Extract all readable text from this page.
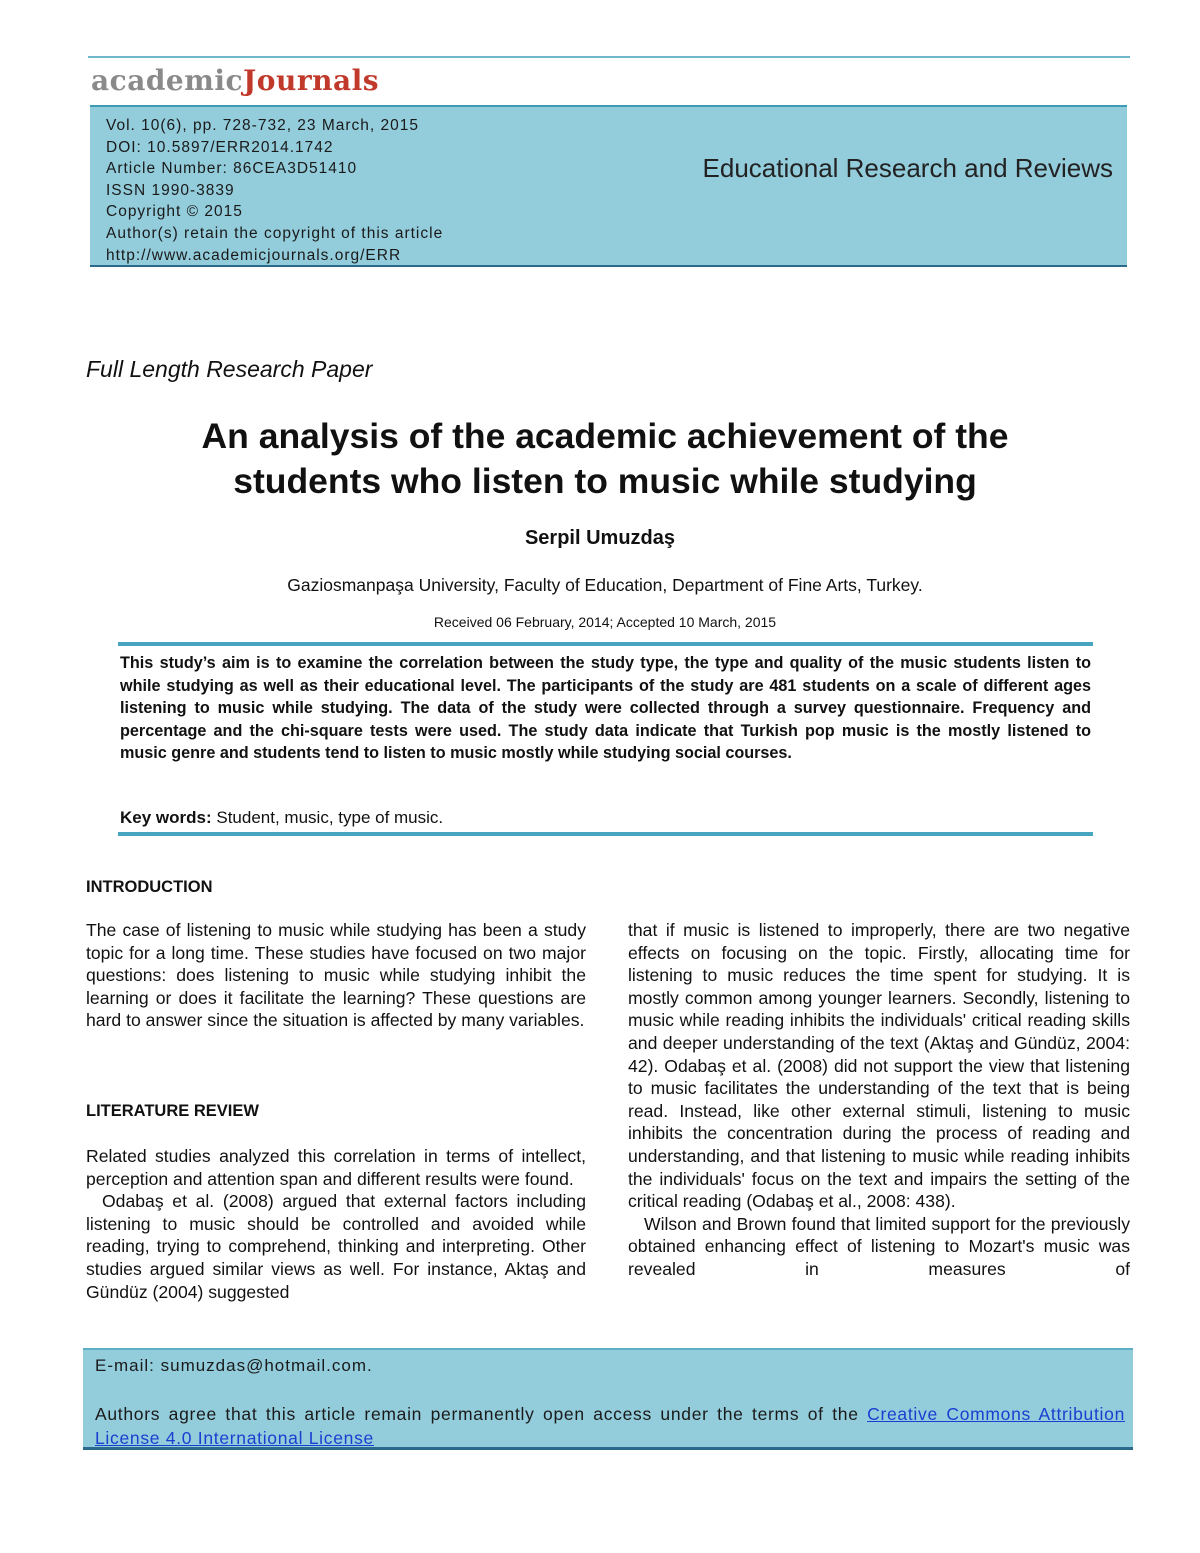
academicJournals
Vol. 10(6), pp. 728-732, 23 March, 2015
DOI: 10.5897/ERR2014.1742
Article Number: 86CEA3D51410
ISSN 1990-3839
Copyright © 2015
Author(s) retain the copyright of this article
http://www.academicjournals.org/ERR
Educational Research and Reviews
Full Length Research Paper
An analysis of the academic achievement of the
students who listen to music while studying
Serpil Umuzdaş
Gaziosmanpaşa University, Faculty of Education, Department of Fine Arts, Turkey.
Received 06 February, 2014; Accepted 10 March, 2015
This study’s aim is to examine the correlation between the study type, the type and quality of the music students listen to while studying as well as their educational level. The participants of the study are 481 students on a scale of different ages listening to music while studying. The data of the study were collected through a survey questionnaire. Frequency and percentage and the chi-square tests were used. The study data indicate that Turkish pop music is the mostly listened to music genre and students tend to listen to music mostly while studying social courses.
Key words: Student, music, type of music.
INTRODUCTION

The case of listening to music while studying has been a study topic for a long time. These studies have focused on two major questions: does listening to music while studying inhibit the learning or does it facilitate the learning? These questions are hard to answer since the situation is affected by many variables.

LITERATURE REVIEW

Related studies analyzed this correlation in terms of intellect, perception and attention span and different results were found.

Odabaş et al. (2008) argued that external factors including listening to music should be controlled and avoided while reading, trying to comprehend, thinking and interpreting. Other studies argued similar views as well. For instance, Aktaş and Gündüz (2004) suggested

that if music is listened to improperly, there are two negative effects on focusing on the topic. Firstly, allocating time for listening to music reduces the time spent for studying. It is mostly common among younger learners. Secondly, listening to music while reading inhibits the individuals' critical reading skills and deeper understanding of the text (Aktaş and Gündüz, 2004: 42). Odabaş et al. (2008) did not support the view that listening to music facilitates the understanding of the text that is being read. Instead, like other external stimuli, listening to music inhibits the concentration during the process of reading and understanding, and that listening to music while reading inhibits the individuals' focus on the text and impairs the setting of the critical reading (Odabaş et al., 2008: 438).

Wilson and Brown found that limited support for the previously obtained enhancing effect of listening to Mozart's music was revealed in measures of

E-mail: sumuzdas@hotmail.com.
Authors agree that this article remain permanently open access under the terms of the Creative Commons Attribution License 4.0 International License
